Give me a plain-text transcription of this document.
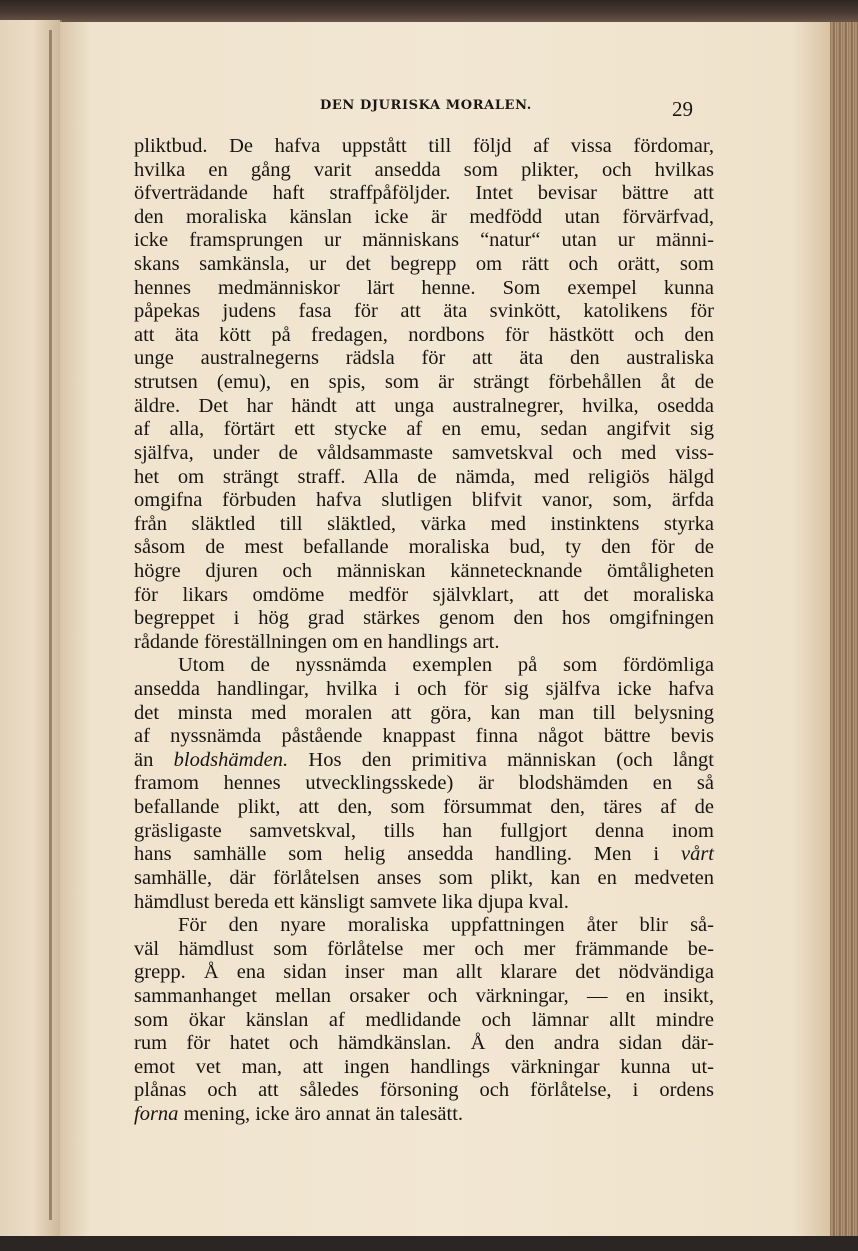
DEN DJURISKA MORALEN.	29
pliktbud. De hafva uppstått till följd af vissa fördomar,
hvilka en gång varit ansedda som plikter, och hvilkas
öfverträdande haft straffpåföljder. Intet bevisar bättre att
den moraliska känslan icke är medfödd utan förvärfvad,
icke framsprungen ur människans “natur“ utan ur männi-
skans samkänsla, ur det begrepp om rätt och orätt, som
hennes medmänniskor lärt henne. Som exempel kunna
påpekas judens fasa för att äta svinkött, katolikens för
att äta kött på fredagen, nordbons för hästkött och den
unge australnegerns rädsla för att äta den australiska
strutsen (emu), en spis, som är strängt förbehållen åt de
äldre. Det har händt att unga australnegrer, hvilka, osedda
af alla, förtärt ett stycke af en emu, sedan angifvit sig
själfva, under de våldsammaste samvetskval och med viss-
het om strängt straff. Alla de nämda, med religiös hälgd
omgifna förbuden hafva slutligen blifvit vanor, som, ärfda
från släktled till släktled, värka med instinktens styrka
såsom de mest befallande moraliska bud, ty den för de
högre djuren och människan kännetecknande ömtåligheten
för likars omdöme medför självklart, att det moraliska
begreppet i hög grad stärkes genom den hos omgifningen
rådande föreställningen om en handlings art.
Utom de nyssnämda exemplen på som fördömliga
ansedda handlingar, hvilka i och för sig själfva icke hafva
det minsta med moralen att göra, kan man till belysning
af nyssnämda påstående knappast finna något bättre bevis
än blodshämden. Hos den primitiva människan (och långt
framom hennes utvecklingsskede) är blodshämden en så
befallande plikt, att den, som försummat den, täres af de
gräsligaste samvetskval, tills han fullgjort denna inom
hans samhälle som helig ansedda handling. Men i vårt
samhälle, där förlåtelsen anses som plikt, kan en medveten
hämdlust bereda ett känsligt samvete lika djupa kval.
För den nyare moraliska uppfattningen åter blir så-
väl hämdlust som förlåtelse mer och mer främmande be-
grepp. Å ena sidan inser man allt klarare det nödvändiga
sammanhanget mellan orsaker och värkningar, — en insikt,
som ökar känslan af medlidande och lämnar allt mindre
rum för hatet och hämdkänslan. Å den andra sidan där-
emot vet man, att ingen handlings värkningar kunna ut-
plånas och att således försoning och förlåtelse, i ordens
forna mening, icke äro annat än talesätt.
